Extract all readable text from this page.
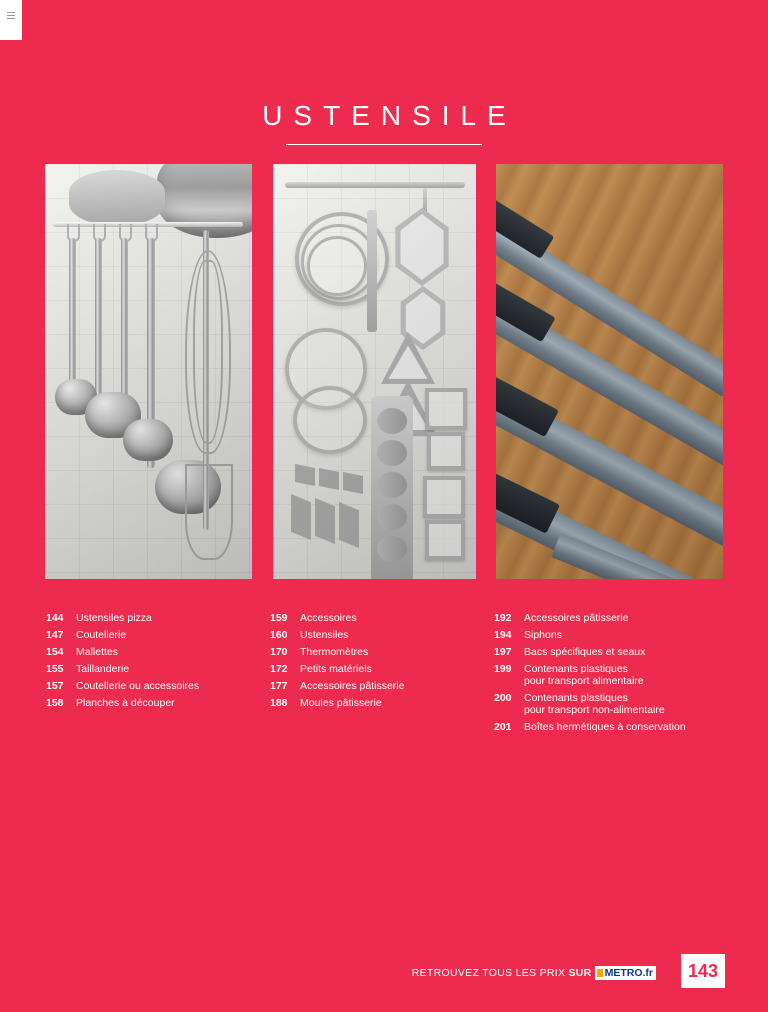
USTENSILE
144	Ustensiles pizza
147	Coutellerie
154	Mallettes
155	Taillanderie
157	Coutellerie ou accessoires
158	Planches à découper
159	Accessoires
160	Ustensiles
170	Thermomètres
172	Petits matériels
177	Accessoires pâtisserie
188	Moules pâtisserie
192	Accessoires pâtisserie
194	Siphons
197	Bacs spécifiques et seaux
199	Contenants plastiques
pour transport alimentaire
200	Contenants plastiques
pour transport non-alimentaire
201	Boîtes hermétiques à conservation
RETROUVEZ TOUS LES PRIX SUR METRO.fr 143
